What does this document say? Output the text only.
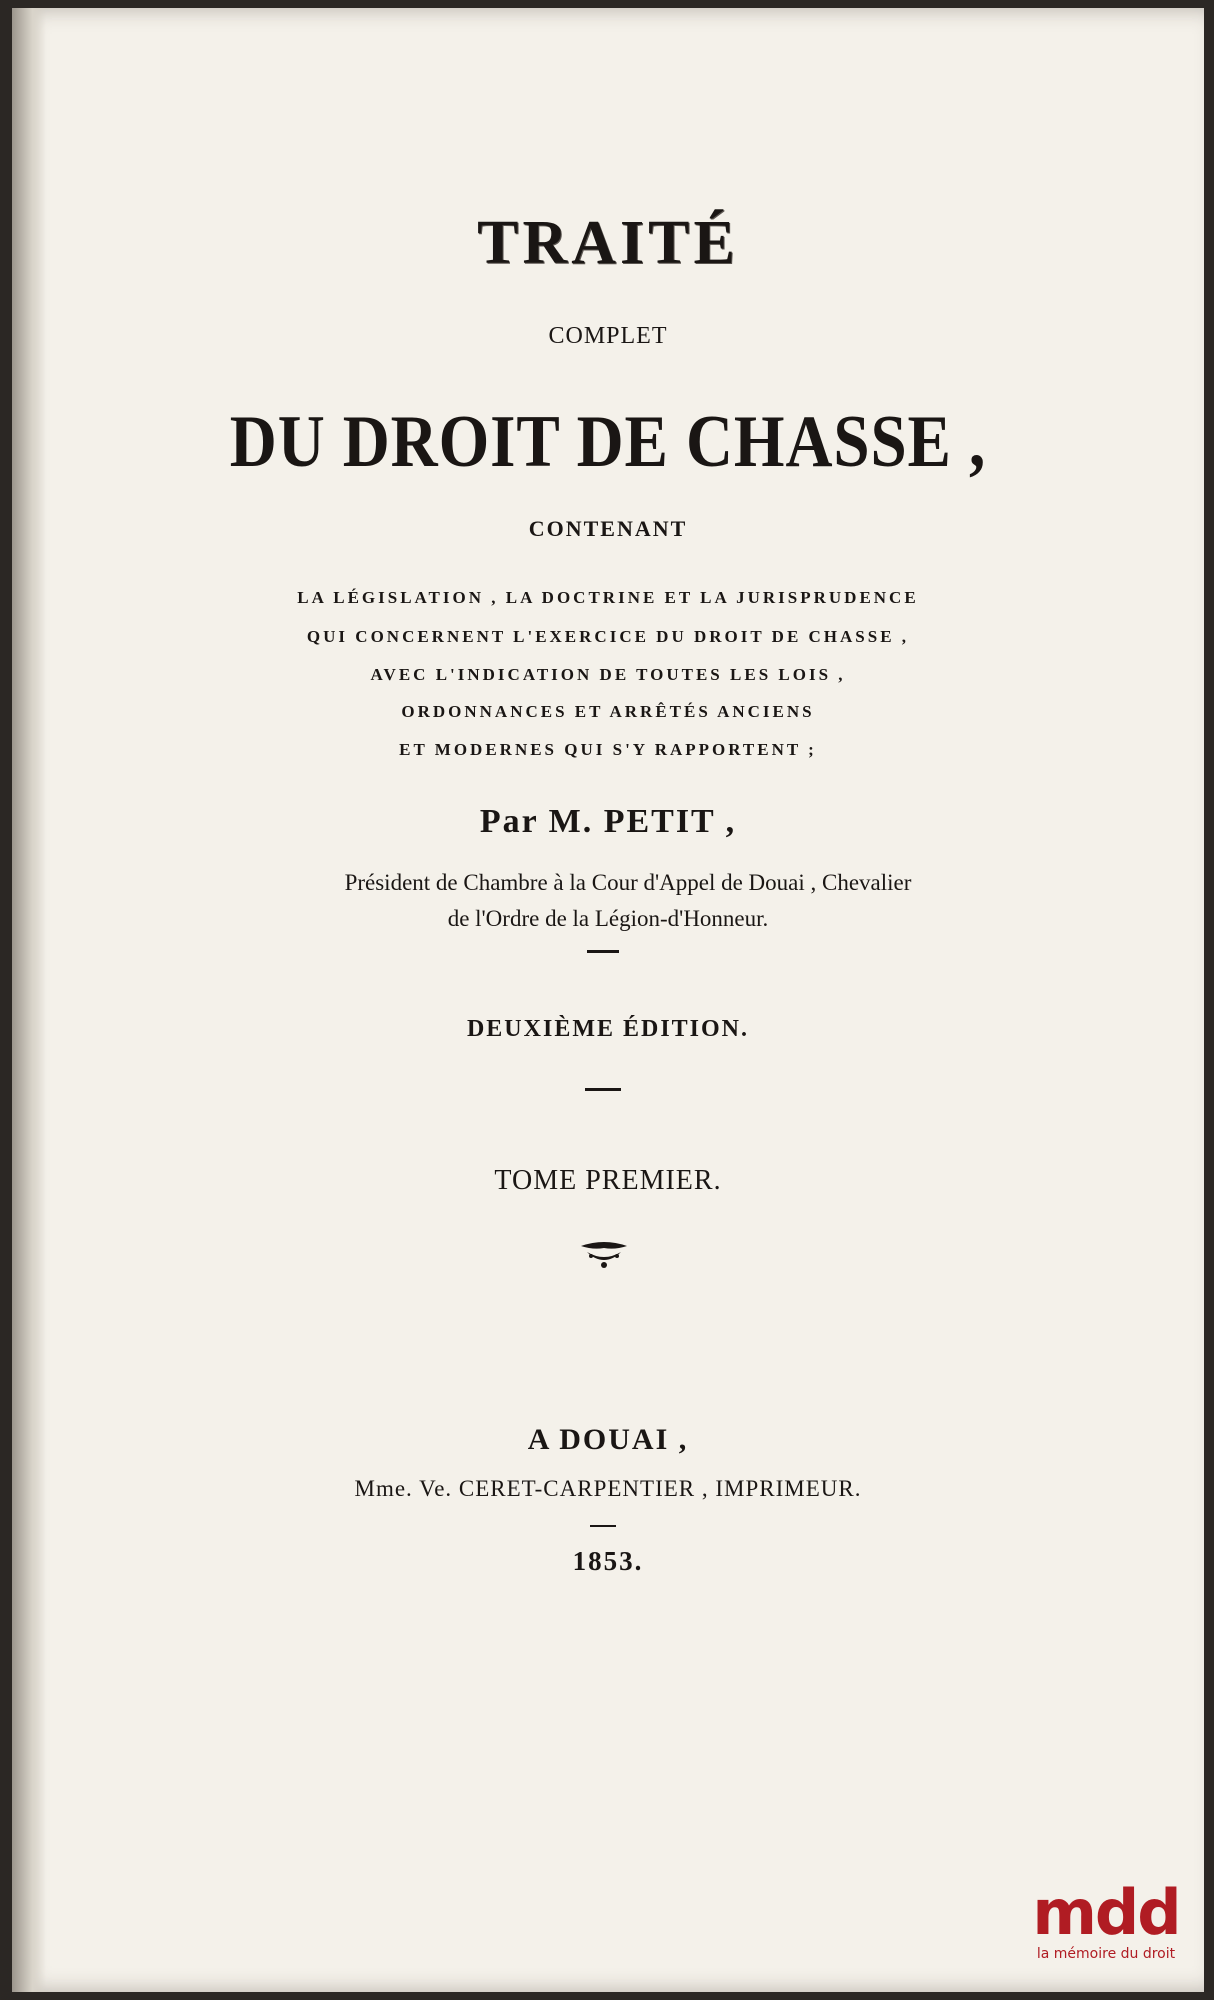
TRAITÉ
COMPLET
DU DROIT DE CHASSE ,
CONTENANT
LA LÉGISLATION , LA DOCTRINE ET LA JURISPRUDENCE
QUI CONCERNENT L'EXERCICE DU DROIT DE CHASSE ,
AVEC L'INDICATION DE TOUTES LES LOIS ,
ORDONNANCES ET ARRÊTÉS ANCIENS
ET MODERNES QUI S'Y RAPPORTENT ;
Par M. PETIT ,
Président de Chambre à la Cour d'Appel de Douai , Chevalier
de l'Ordre de la Légion-d'Honneur.
DEUXIÈME ÉDITION.
TOME PREMIER.
A DOUAI ,
Mme. Ve. CERET-CARPENTIER , IMPRIMEUR.
1853.
mdd
la mémoire du droit
